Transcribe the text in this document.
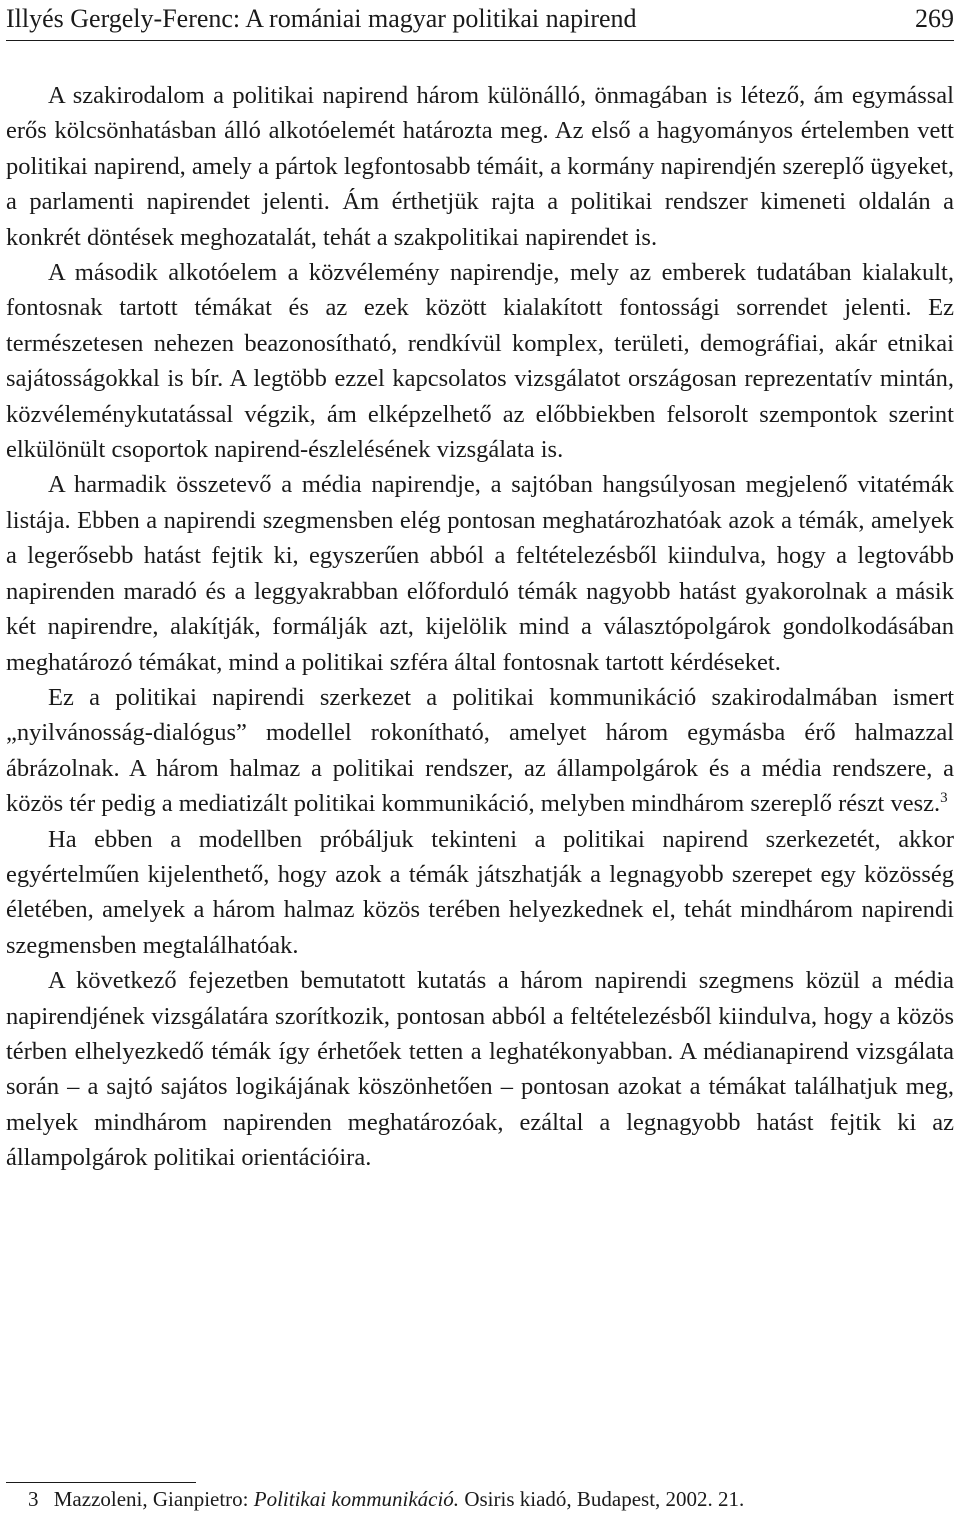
Illyés Gergely-Ferenc: A romániai magyar politikai napirend	269

A szakirodalom a politikai napirend három különálló, önmagában is létező, ám egymással erős kölcsönhatásban álló alkotóelemét határozta meg. Az első a hagyományos értelemben vett politikai napirend, amely a pártok legfontosabb témáit, a kormány napirendjén szereplő ügyeket, a parlamenti napirendet jelenti. Ám érthetjük rajta a politikai rendszer kimeneti oldalán a konkrét döntések meghozatalát, tehát a szakpolitikai napirendet is.

A második alkotóelem a közvélemény napirendje, mely az emberek tudatában kialakult, fontosnak tartott témákat és az ezek között kialakított fontossági sorrendet jelenti. Ez természetesen nehezen beazonosítható, rendkívül komplex, területi, demográfiai, akár etnikai sajátosságokkal is bír. A legtöbb ezzel kapcsolatos vizsgálatot országosan reprezentatív mintán, közvéleménykutatással végzik, ám elképzelhető az előbbiekben felsorolt szempontok szerint elkülönült csoportok napirend-észlelésének vizsgálata is.

A harmadik összetevő a média napirendje, a sajtóban hangsúlyosan megjelenő vitatémák listája. Ebben a napirendi szegmensben elég pontosan meghatározhatóak azok a témák, amelyek a legerősebb hatást fejtik ki, egyszerűen abból a feltételezésből kiindulva, hogy a legtovább napirenden maradó és a leggyakrabban előforduló témák nagyobb hatást gyakorolnak a másik két napirendre, alakítják, formálják azt, kijelölik mind a választópolgárok gondolkodásában meghatározó témákat, mind a politikai szféra által fontosnak tartott kérdéseket.

Ez a politikai napirendi szerkezet a politikai kommunikáció szakirodalmában ismert „nyilvánosság-dialógus” modellel rokonítható, amelyet három egymásba érő halmazzal ábrázolnak. A három halmaz a politikai rendszer, az állampolgárok és a média rendszere, a közös tér pedig a mediatizált politikai kommunikáció, melyben mindhárom szereplő részt vesz.$^3$

Ha ebben a modellben próbáljuk tekinteni a politikai napirend szerkezetét, akkor egyértelműen kijelenthető, hogy azok a témák játszhatják a legnagyobb szerepet egy közösség életében, amelyek a három halmaz közös terében helyezkednek el, tehát mindhárom napirendi szegmensben megtalálhatóak.

A következő fejezetben bemutatott kutatás a három napirendi szegmens közül a média napirendjének vizsgálatára szorítkozik, pontosan abból a feltételezésből kiindulva, hogy a közös térben elhelyezkedő témák így érhetőek tetten a leghatékonyabban. A médianapirend vizsgálata során – a sajtó sajátos logikájának köszönhetően – pontosan azokat a témákat találhatjuk meg, melyek mindhárom napirenden meghatározóak, ezáltal a legnagyobb hatást fejtik ki az állampolgárok politikai orientációira.

3 Mazzoleni, Gianpietro: Politikai kommunikáció. Osiris kiadó, Budapest, 2002. 21.
